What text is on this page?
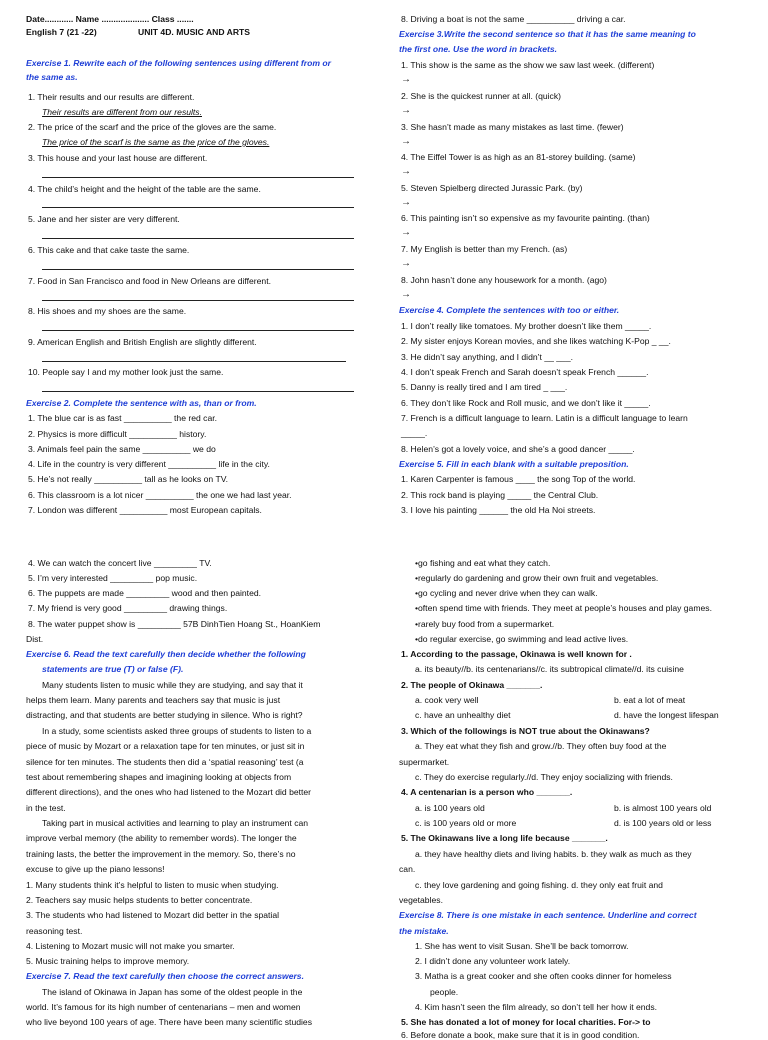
Date............ Name .................... Class .......
English 7 (21 -22)	UNIT 4D. MUSIC AND ARTS
Exercise 1. Rewrite each of the following sentences using different from or
the same as.
1. Their results and our results are different.
Their results are different from our results.
2. The price of the scarf and the price of the gloves are the same.
The price of the scarf is the same as the price of the gloves.
3. This house and your last house are different.
4. The child’s height and the height of the table are the same.
5. Jane and her sister are very different.
6. This cake and that cake taste the same.
7. Food in San Francisco and food in New Orleans are different.
8. His shoes and my shoes are the same.
9. American English and British English are slightly different.
10. People say I and my mother look just the same.
Exercise 2. Complete the sentence with as, than or from.
1. The blue car is as fast __________ the red car.
2. Physics is more difficult __________ history.
3. Animals feel pain the same __________ we do
4. Life in the country is very different __________ life in the city.
5. He’s not really __________ tall as he looks on TV.
6. This classroom is a lot nicer __________ the one we had last year.
7. London was different __________ most European capitals.
8. Driving a boat is not the same __________ driving a car.
Exercise 3.Write the second sentence so that it has the same meaning to
the first one. Use the word in brackets.
1. This show is the same as the show we saw last week. (different)
→
2. She is the quickest runner at all. (quick)
→
3. She hasn’t made as many mistakes as last time. (fewer)
→
4. The Eiffel Tower is as high as an 81-storey building. (same)
→
5. Steven Spielberg directed Jurassic Park. (by)
→
6. This painting isn’t so expensive as my favourite painting. (than)
→
7. My English is better than my French. (as)
→
8. John hasn’t done any housework for a month. (ago)
→
Exercise 4. Complete the sentences with too or either.
1. I don’t really like tomatoes. My brother doesn’t like them _____.
2. My sister enjoys Korean movies, and she likes watching K-Pop _ __.
3. He didn’t say anything, and I didn’t __ ___.
4. I don’t speak French and Sarah doesn’t speak French ______.
5. Danny is really tired and I am tired _ ___.
6. They don’t like Rock and Roll music, and we don’t like it _____.
7. French is a difficult language to learn. Latin is a difficult language to learn
_____.
8. Helen’s got a lovely voice, and she’s a good dancer _____.
Exercise 5. Fill in each blank with a suitable preposition.
1. Karen Carpenter is famous ____ the song Top of the world.
2. This rock band is playing _____ the Central Club.
3. I love his painting ______ the old Ha Noi streets.
4. We can watch the concert live _________ TV.
5. I’m very interested _________ pop music.
6. The puppets are made _________ wood and then painted.
7. My friend is very good _________ drawing things.
8. The water puppet show is _________ 57B DinhTien Hoang St., HoanKiem
Dist.
Exercise 6. Read the text carefully then decide whether the following
statements are true (T) or false (F).
Many students listen to music while they are studying, and say that it
helps them learn. Many parents and teachers say that music is just
distracting, and that students are better studying in silence. Who is right?
In a study, some scientists asked three groups of students to listen to a
piece of music by Mozart or a relaxation tape for ten minutes, or just sit in
silence for ten minutes. The students then did a ‘spatial reasoning’ test (a
test about remembering shapes and imagining looking at objects from
different directions), and the ones who had listened to the Mozart did better
in the test.
Taking part in musical activities and learning to play an instrument can
improve verbal memory (the ability to remember words). The longer the
training lasts, the better the improvement in the memory. So, there’s no
excuse to give up the piano lessons!
1. Many students think it’s helpful to listen to music when studying.
2. Teachers say music helps students to better concentrate.
3. The students who had listened to Mozart did better in the spatial
reasoning test.
4. Listening to Mozart music will not make you smarter.
5. Music training helps to improve memory.
Exercise 7. Read the text carefully then choose the correct answers.
The island of Okinawa in Japan has some of the oldest people in the
world. It’s famous for its high number of centenarians – men and women
who live beyond 100 years of age. There have been many scientific studies
•go fishing and eat what they catch.
•regularly do gardening and grow their own fruit and vegetables.
•go cycling and never drive when they can walk.
•often spend time with friends. They meet at people’s houses and play games.
•rarely buy food from a supermarket.
•do regular exercise, go swimming and lead active lives.
1. According to the passage, Okinawa is well known for .
a. its beauty//b. its centenarians//c. its subtropical climate//d. its cuisine
2. The people of Okinawa _______.
a. cook very well	b. eat a lot of meat
c. have an unhealthy diet	d. have the longest lifespan
3. Which of the followings is NOT true about the Okinawans?
a. They eat what they fish and grow.//b. They often buy food at the
supermarket.
c. They do exercise regularly.//d. They enjoy socializing with friends.
4. A centenarian is a person who _______.
a. is 100 years old	b. is almost 100 years old
c. is 100 years old or more	d. is 100 years old or less
5. The Okinawans live a long life because _______.
a. they have healthy diets and living habits. b. they walk as much as they
can.
c. they love gardening and going fishing. d. they only eat fruit and
vegetables.
Exercise 8. There is one mistake in each sentence. Underline and correct
the mistake.
1. She has went to visit Susan. She’ll be back tomorrow.
2. I didn’t done any volunteer work lately.
3. Matha is a great cooker and she often cooks dinner for homeless
people.
4. Kim hasn’t seen the film already, so don’t tell her how it ends.
5. She has donated a lot of money for local charities. For-> to
6. Before donate a book, make sure that it is in good condition.
